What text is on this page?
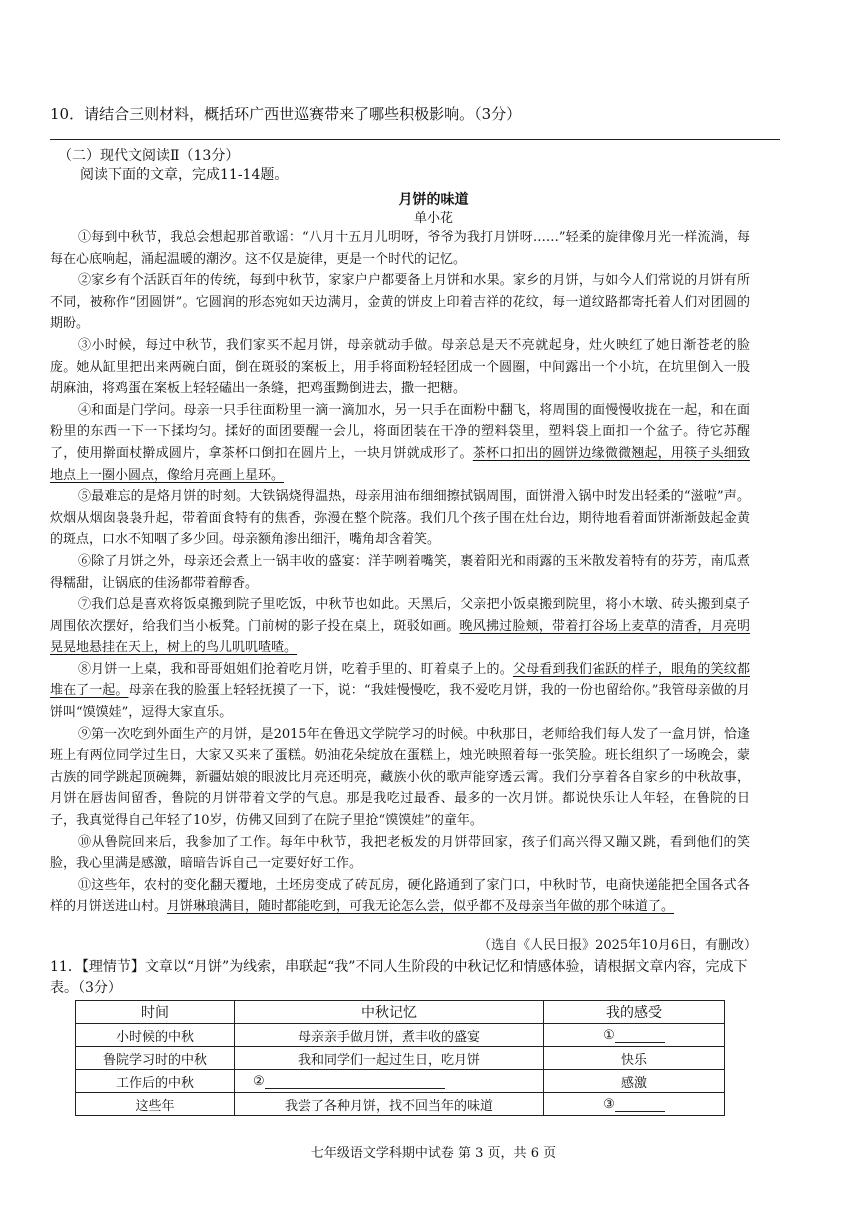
10．请结合三则材料，概括环广西世巡赛带来了哪些积极影响。（3分）
（二）现代文阅读Ⅱ（13分）
阅读下面的文章，完成11-14题。
月饼的味道
单小花

①每到中秋节，我总会想起那首歌谣：“八月十五月儿明呀，爷爷为我打月饼呀……”轻柔的旋律像月光一样流淌，每每在心底响起，涌起温暖的潮汐。这不仅是旋律，更是一个时代的记忆。

②家乡有个活跃百年的传统，每到中秋节，家家户户都要备上月饼和水果。家乡的月饼，与如今人们常说的月饼有所不同，被称作“团圆饼”。它圆润的形态宛如天边满月，金黄的饼皮上印着吉祥的花纹，每一道纹路都寄托着人们对团圆的期盼。

③小时候，每过中秋节，我们家买不起月饼，母亲就动手做。母亲总是天不亮就起身，灶火映红了她日渐苍老的脸庞。她从缸里把出来两碗白面，倒在斑驳的案板上，用手将面粉轻轻团成一个圆圈，中间露出一个小坑，在坑里倒入一股胡麻油，将鸡蛋在案板上轻轻磕出一条缝，把鸡蛋黝倒进去，撒一把糖。

④和面是门学问。母亲一只手往面粉里一滴一滴加水，另一只手在面粉中翻飞，将周围的面慢慢收拢在一起，和在面粉里的东西一下一下揉均匀。揉好的面团要醒一会儿，将面团装在干净的塑料袋里，塑料袋上面扣一个盆子。待它苏醒了，使用擀面杖擀成圆片，拿茶杯口倒扣在圆片上，一块月饼就成形了。茶杯口扣出的圆饼边缘微微翘起，用筷子头细致地点上一圈小圆点，像给月亮画上星环。

⑤最难忘的是烙月饼的时刻。大铁锅烧得温热，母亲用油布细细擦拭锅周围，面饼滑入锅中时发出轻柔的“滋啦”声。炊烟从烟囱袅袅升起，带着面食特有的焦香，弥漫在整个院落。我们几个孩子围在灶台边，期待地看着面饼渐渐鼓起金黄的斑点，口水不知咽了多少回。母亲额角渗出细汗，嘴角却含着笑。

⑥除了月饼之外，母亲还会煮上一锅丰收的盛宴：洋芋咧着嘴笑，裹着阳光和雨露的玉米散发着特有的芬芳，南瓜煮得糯甜，让锅底的佳汤都带着醇香。

⑦我们总是喜欢将饭桌搬到院子里吃饭，中秋节也如此。天黑后，父亲把小饭桌搬到院里，将小木墩、砖头搬到桌子周围依次摆好，给我们当小板凳。门前树的影子投在桌上，斑驳如画。晚风拂过脸颊，带着打谷场上麦草的清香，月亮明晃晃地悬挂在天上，树上的鸟儿叽叽喳喳。

⑧月饼一上桌，我和哥哥姐姐们抢着吃月饼，吃着手里的、盯着桌子上的。父母看到我们雀跃的样子，眼角的笑纹都堆在了一起。母亲在我的脸蛋上轻轻抚摸了一下，说：“我娃慢慢吃，我不爱吃月饼，我的一份也留给你。”我管母亲做的月饼叫“馍馍娃”，逗得大家直乐。

⑨第一次吃到外面生产的月饼，是2015年在鲁迅文学院学习的时候。中秋那日，老师给我们每人发了一盒月饼，恰逢班上有两位同学过生日，大家又买来了蛋糕。奶油花朵绽放在蛋糕上，烛光映照着每一张笑脸。班长组织了一场晚会，蒙古族的同学跳起顶碗舞，新疆姑娘的眼波比月亮还明亮，藏族小伙的歌声能穿透云霄。我们分享着各自家乡的中秋故事，月饼在唇齿间留香，鲁院的月饼带着文学的气息。那是我吃过最香、最多的一次月饼。都说快乐让人年轻，在鲁院的日子，我真觉得自己年轻了10岁，仿佛又回到了在院子里抢“馍馍娃”的童年。

⑩从鲁院回来后，我参加了工作。每年中秋节，我把老板发的月饼带回家，孩子们高兴得又蹦又跳，看到他们的笑脸，我心里满是感激，暗暗告诉自己一定要好好工作。

⑪这些年，农村的变化翻天覆地，土坯房变成了砖瓦房，硬化路通到了家门口，中秋时节，电商快递能把全国各式各样的月饼送进山村。月饼琳琅满目，随时都能吃到，可我无论怎么尝，似乎都不及母亲当年做的那个味道了。

（选自《人民日报》2025年10月6日，有删改）
11．【理情节】文章以“月饼”为线索，串联起“我”不同人生阶段的中秋记忆和情感体验，请根据文章内容，完成下表。（3分）
时间	中秋记忆	我的感受
小时候的中秋	母亲亲手做月饼，煮丰收的盛宴	①
鲁院学习时的中秋	我和同学们一起过生日，吃月饼	快乐
工作后的中秋	②	感激
这些年	我尝了各种月饼，找不回当年的味道	③
七年级语文学科期中试卷 第 3 页，共 6 页
